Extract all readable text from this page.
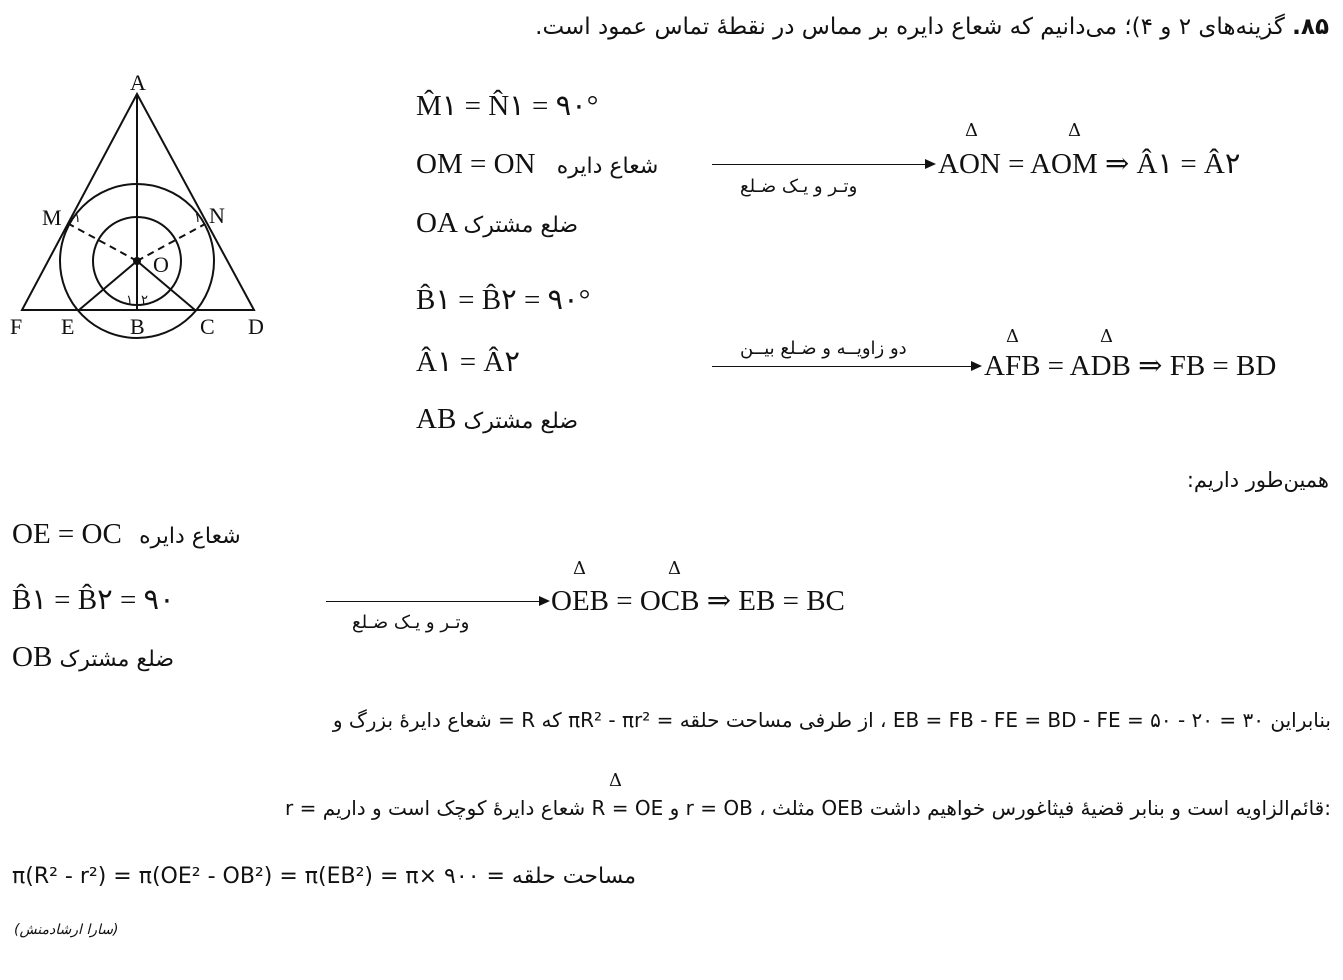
۸۵. گزینه‌های ۲ و ۴)؛ می‌دانیم که شعاع دایره بر مماس در نقطهٔ تماس عمود است.
A
M	N
O
F E	B	C D
۱	۱
۱ ۲
M̂۱ = N̂۱ = ۹۰°
OM = ON شعاع دایره
OA ضلع مشترک
وتـر و یـک ضـلع
Δ	Δ
AON = AOM ⇒ Â۱ = Â۲
B̂۱ = B̂۲ = ۹۰°
Â۱ = Â۲
AB ضلع مشترک
دو زاویــه و ضـلع بیــن
Δ	Δ
AFB = ADB ⇒ FB = BD
همین‌طور داریم:
OE = OC شعاع دایره
B̂۱ = B̂۲ = ۹۰
OB ضلع مشترک
وتـر و یـک ضـلع
Δ	Δ
OEB = OCB ⇒ EB = BC
بنابراین ۳۰ = ۲۰ - ۵۰ = EB = FB - FE = BD - FE ، از طرفی مساحت حلقه = πR² - πr² که R = شعاع دایرهٔ بزرگ و
Δ
r = شعاع دایرهٔ کوچک است و داریم R = OE و r = OB ، مثلث OEB قائم‌الزاویه است و بنابر قضیهٔ فیثاغورس خواهیم داشت:
مساحت حلقه = π(R² - r²) = π(OE² - OB²) = π(EB²) = π× ۹۰۰
(سارا ارشادمنش)
